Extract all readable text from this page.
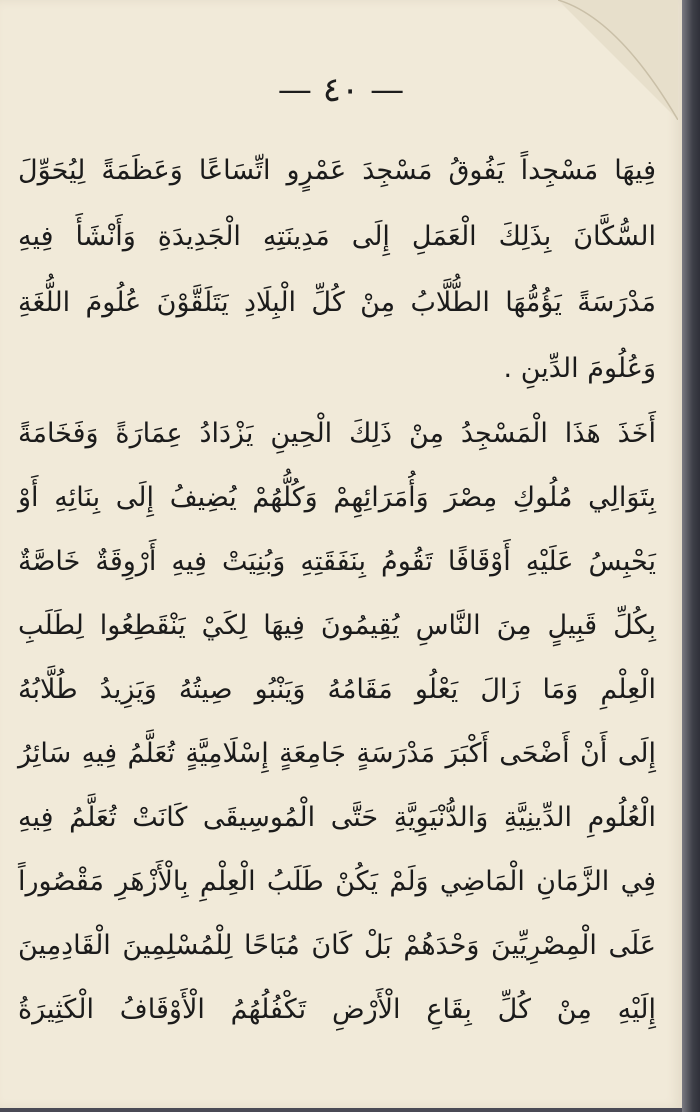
— ٤٠ —
فِيهَا مَسْجِداً يَفُوقُ مَسْجِدَ عَمْرٍو اتِّسَاعًا وَعَظَمَةً لِيُحَوِّلَ
السُّكَّانَ بِذَلِكَ الْعَمَلِ إِلَى مَدِينَتِهِ الْجَدِيدَةِ وَأَنْشَأَ فِيهِ
مَدْرَسَةً يَؤُمُّهَا الطُّلَّابُ مِنْ كُلِّ الْبِلَادِ يَتَلَقَّوْنَ عُلُومَ اللُّغَةِ
وَعُلُومَ الدِّينِ .
أَخَذَ هَذَا الْمَسْجِدُ مِنْ ذَلِكَ الْحِينِ يَزْدَادُ عِمَارَةً وَفَخَامَةً
بِتَوَالِي مُلُوكِ مِصْرَ وَأُمَرَائِهِمْ وَكُلُّهُمْ يُضِيفُ إِلَى بِنَائِهِ أَوْ
يَحْبِسُ عَلَيْهِ أَوْقَافًا تَقُومُ بِنَفَقَتِهِ وَبُنِيَتْ فِيهِ أَرْوِقَةٌ خَاصَّةٌ
بِكُلِّ قَبِيلٍ مِنَ النَّاسِ يُقِيمُونَ فِيهَا لِكَيْ يَنْقَطِعُوا لِطَلَبِ
الْعِلْمِ وَمَا زَالَ يَعْلُو مَقَامُهُ وَيَنْبُو صِيتُهُ وَيَزِيدُ طُلَّابُهُ
إِلَى أَنْ أَضْحَى أَكْبَرَ مَدْرَسَةٍ جَامِعَةٍ إِسْلَامِيَّةٍ تُعَلَّمُ فِيهِ سَائِرُ
الْعُلُومِ الدِّينِيَّةِ وَالدُّنْيَوِيَّةِ حَتَّى الْمُوسِيقَى كَانَتْ تُعَلَّمُ فِيهِ
فِي الزَّمَانِ الْمَاضِي وَلَمْ يَكُنْ طَلَبُ الْعِلْمِ بِالْأَزْهَرِ مَقْصُوراً
عَلَى الْمِصْرِيِّينَ وَحْدَهُمْ بَلْ كَانَ مُبَاحًا لِلْمُسْلِمِينَ الْقَادِمِينَ
إِلَيْهِ مِنْ كُلِّ بِقَاعِ الْأَرْضِ تَكْفُلُهُمُ الْأَوْقَافُ الْكَثِيرَةُ
